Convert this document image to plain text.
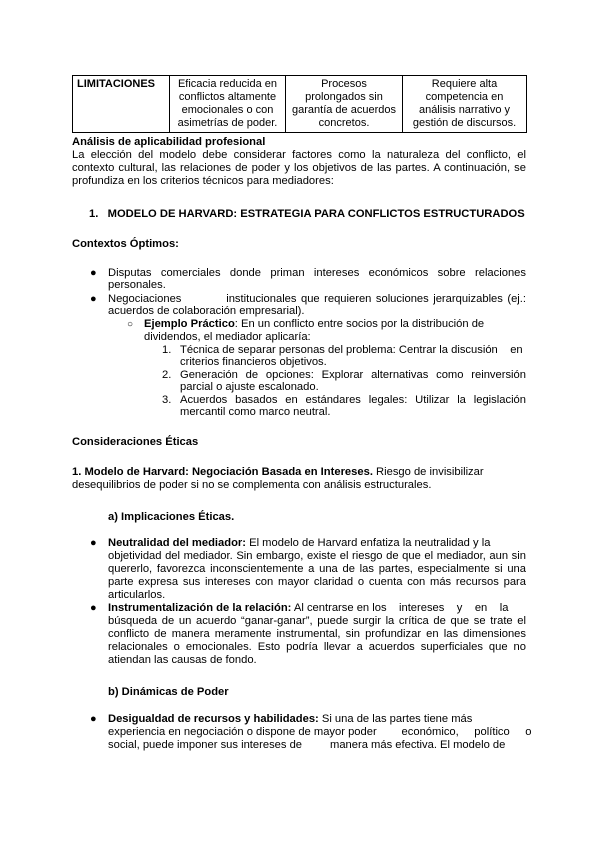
LIMITACIONES	Eficacia reducida en conflictos altamente emocionales o con asimetrías de poder.	Procesos prolongados sin garantía de acuerdos concretos.	Requiere alta competencia en análisis narrativo y gestión de discursos.
Análisis de aplicabilidad profesional
La elección del modelo debe considerar factores como la naturaleza del conflicto, el
contexto cultural, las relaciones de poder y los objetivos de las partes. A continuación, se
profundiza en los criterios técnicos para mediadores:
1.   MODELO DE HARVARD: ESTRATEGIA PARA CONFLICTOS ESTRUCTURADOS
Contextos Óptimos:
● Disputas comerciales donde priman intereses económicos sobre relaciones
personales.
● Negociaciones          institucionales que requieren soluciones jerarquizables (ej.:
acuerdos de colaboración empresarial).
○ Ejemplo Práctico: En un conflicto entre socios por la distribución de
dividendos, el mediador aplicaría:
1. Técnica de separar personas del problema: Centrar la discusión    en
criterios financieros objetivos.
2. Generación de opciones: Explorar alternativas como reinversión
parcial o ajuste escalonado.
3. Acuerdos basados en estándares legales: Utilizar la legislación
mercantil como marco neutral.
Consideraciones Éticas
1. Modelo de Harvard: Negociación Basada en Intereses. Riesgo de invisibilizar
desequilibrios de poder si no se complementa con análisis estructurales.
a) Implicaciones Éticas.
● Neutralidad del mediador: El modelo de Harvard enfatiza la neutralidad y la
objetividad del mediador. Sin embargo, existe el riesgo de que el mediador, aun sin
quererlo, favorezca inconscientemente a una de las partes, especialmente si una
parte expresa sus intereses con mayor claridad o cuenta con más recursos para
articularlos.
● Instrumentalización de la relación: Al centrarse en los    intereses    y    en    la
búsqueda de un acuerdo “ganar-ganar”, puede surgir la crítica de que se trate el
conflicto de manera meramente instrumental, sin profundizar en las dimensiones
relacionales o emocionales. Esto podría llevar a acuerdos superficiales que no
atiendan las causas de fondo.
b) Dinámicas de Poder
● Desigualdad de recursos y habilidades: Si una de las partes tiene más
experiencia en negociación o dispone de mayor poder        económico,     político     o
social, puede imponer sus intereses de         manera más efectiva. El modelo de
